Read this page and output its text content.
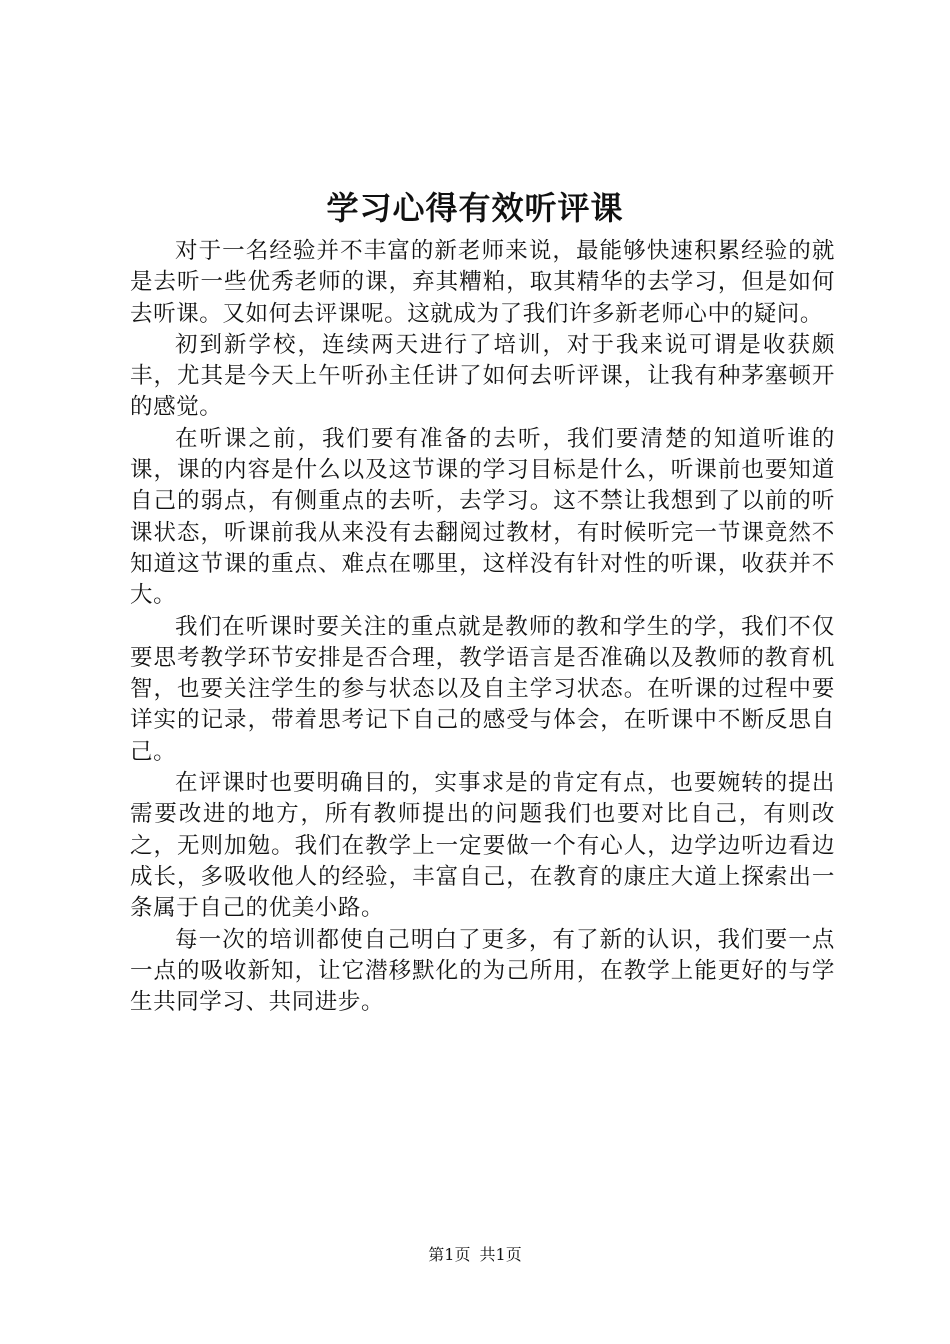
学习心得有效听评课

对于一名经验并不丰富的新老师来说，最能够快速积累经验的就是去听一些优秀老师的课，弃其糟粕，取其精华的去学习，但是如何去听课。又如何去评课呢。这就成为了我们许多新老师心中的疑问。

初到新学校，连续两天进行了培训，对于我来说可谓是收获颇丰，尤其是今天上午听孙主任讲了如何去听评课，让我有种茅塞顿开的感觉。

在听课之前，我们要有准备的去听，我们要清楚的知道听谁的课，课的内容是什么以及这节课的学习目标是什么，听课前也要知道自己的弱点，有侧重点的去听，去学习。这不禁让我想到了以前的听课状态，听课前我从来没有去翻阅过教材，有时候听完一节课竟然不知道这节课的重点、难点在哪里，这样没有针对性的听课，收获并不大。

我们在听课时要关注的重点就是教师的教和学生的学，我们不仅要思考教学环节安排是否合理，教学语言是否准确以及教师的教育机智，也要关注学生的参与状态以及自主学习状态。在听课的过程中要详实的记录，带着思考记下自己的感受与体会，在听课中不断反思自己。

在评课时也要明确目的，实事求是的肯定有点，也要婉转的提出需要改进的地方，所有教师提出的问题我们也要对比自己，有则改之，无则加勉。我们在教学上一定要做一个有心人，边学边听边看边成长，多吸收他人的经验，丰富自己，在教育的康庄大道上探索出一条属于自己的优美小路。

每一次的培训都使自己明白了更多，有了新的认识，我们要一点一点的吸收新知，让它潜移默化的为己所用，在教学上能更好的与学生共同学习、共同进步。

第1页 共1页
